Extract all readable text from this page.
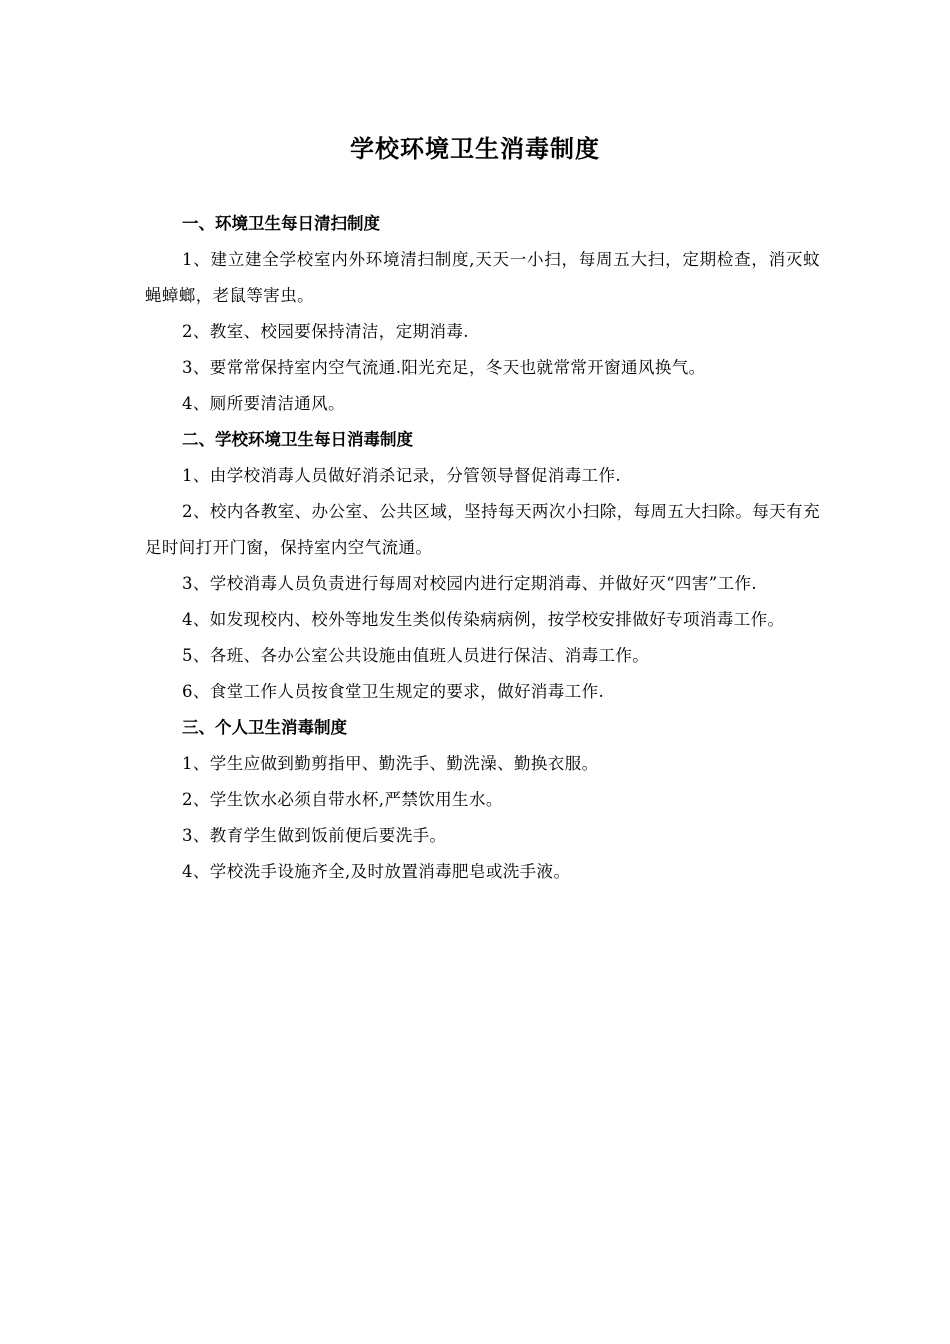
学校环境卫生消毒制度
一、环境卫生每日清扫制度

1、建立建全学校室内外环境清扫制度,天天一小扫，每周五大扫，定期检查，消灭蚊蝇蟑螂，老鼠等害虫。

2、教室、校园要保持清洁，定期消毒.

3、要常常保持室内空气流通.阳光充足，冬天也就常常开窗通风换气。

4、厕所要清洁通风。

二、学校环境卫生每日消毒制度

1、由学校消毒人员做好消杀记录，分管领导督促消毒工作.

2、校内各教室、办公室、公共区域，坚持每天两次小扫除，每周五大扫除。每天有充足时间打开门窗，保持室内空气流通。

3、学校消毒人员负责进行每周对校园内进行定期消毒、并做好灭“四害”工作.

4、如发现校内、校外等地发生类似传染病病例，按学校安排做好专项消毒工作。

5、各班、各办公室公共设施由值班人员进行保洁、消毒工作。

6、食堂工作人员按食堂卫生规定的要求，做好消毒工作.

三、个人卫生消毒制度

1、学生应做到勤剪指甲、勤洗手、勤洗澡、勤换衣服。

2、学生饮水必须自带水杯,严禁饮用生水。

3、教育学生做到饭前便后要洗手。

4、学校洗手设施齐全,及时放置消毒肥皂或洗手液。
